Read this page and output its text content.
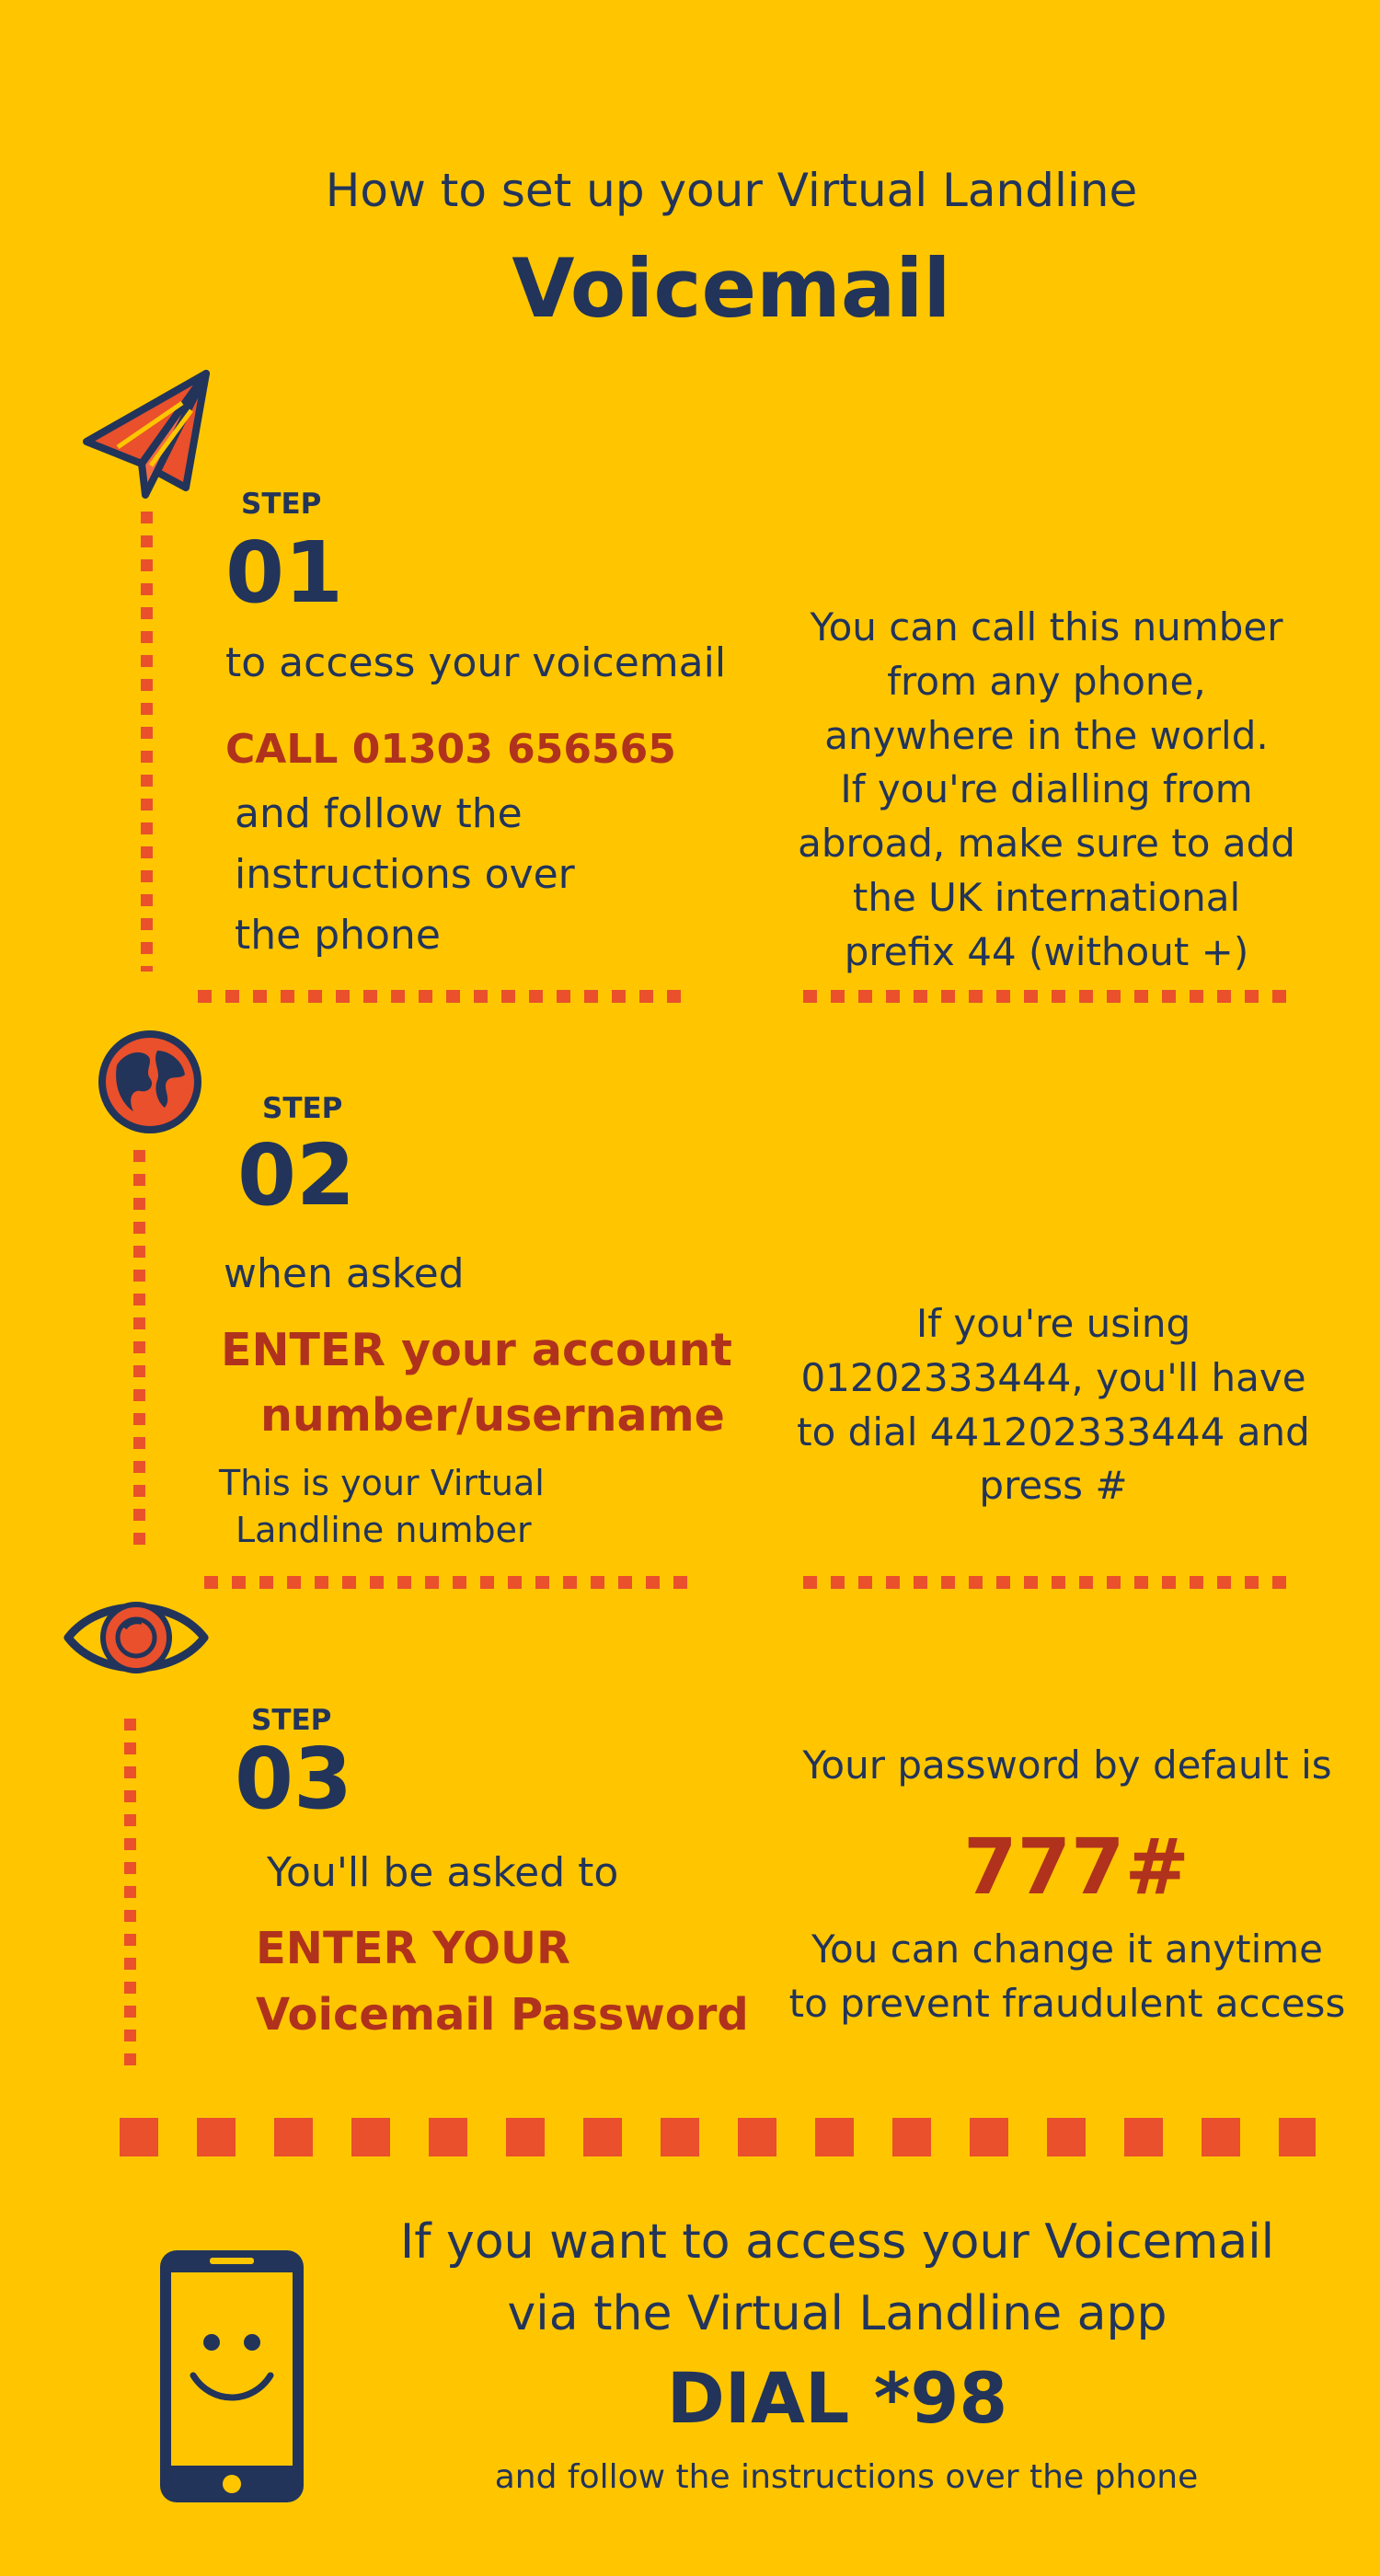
How to set up your Virtual Landline
Voicemail
STEP
01
to access your voicemail
CALL 01303 656565
and follow the
instructions over
the phone
You can call this number
from any phone,
anywhere in the world.
If you're dialling from
abroad, make sure to add
the UK international
prefix 44 (without +)
STEP
02
when asked
ENTER your account
number/username
This is your Virtual
Landline number
If you're using
01202333444, you'll have
to dial 441202333444 and
press #
STEP
03
You'll be asked to
ENTER YOUR
Voicemail Password
Your password by default is
777#
You can change it anytime
to prevent fraudulent access
If you want to access your Voicemail
via the Virtual Landline app
DIAL *98
and follow the instructions over the phone
